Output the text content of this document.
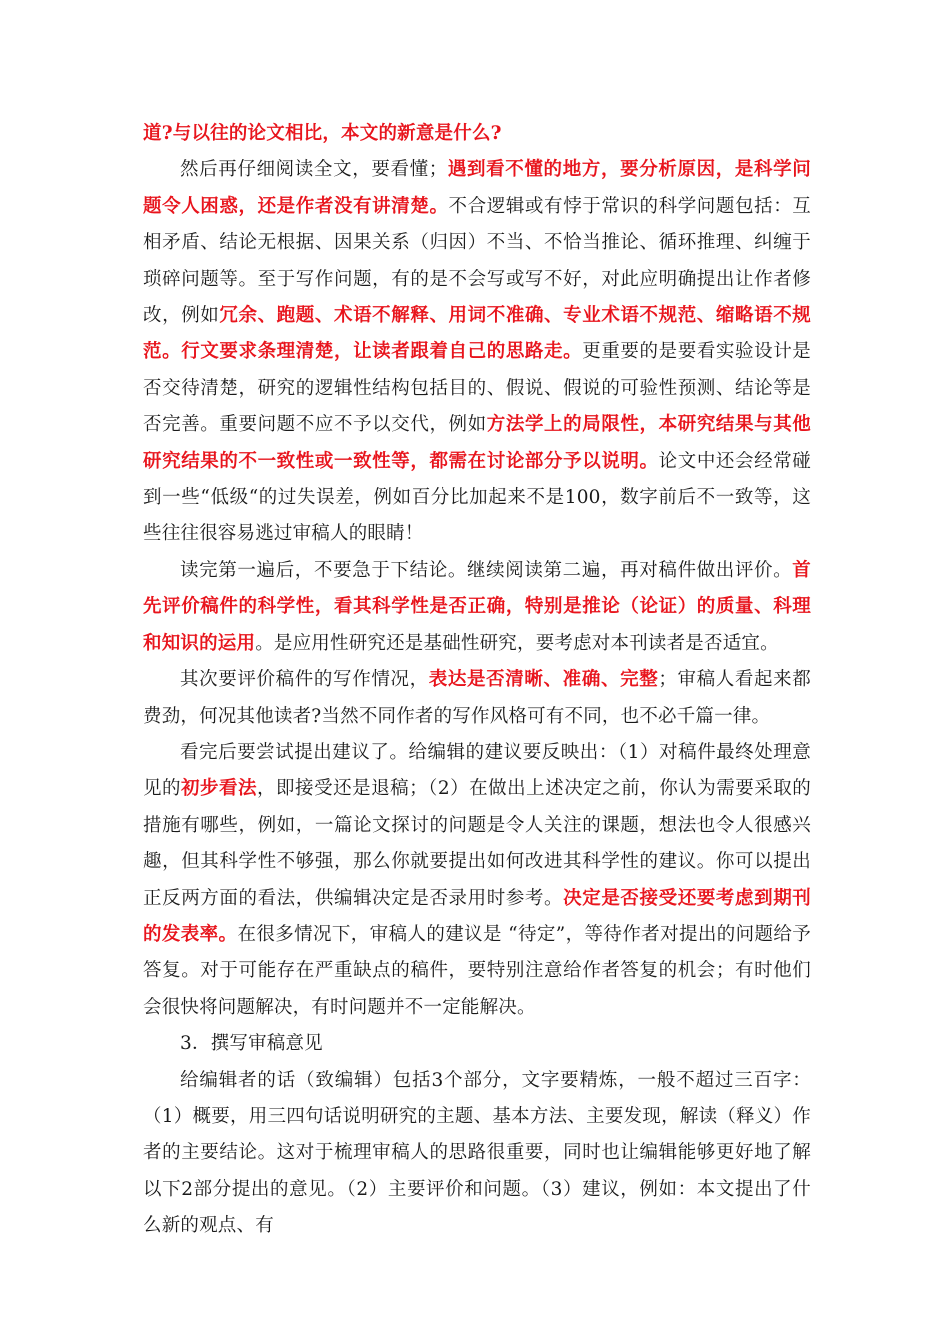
道?与以往的论文相比，本文的新意是什么?

然后再仔细阅读全文，要看懂；遇到看不懂的地方，要分析原因，是科学问题令人困惑，还是作者没有讲清楚。不合逻辑或有悖于常识的科学问题包括：互相矛盾、结论无根据、因果关系（归因）不当、不恰当推论、循环推理、纠缠于琐碎问题等。至于写作问题，有的是不会写或写不好，对此应明确提出让作者修改，例如冗余、跑题、术语不解释、用词不准确、专业术语不规范、缩略语不规范。行文要求条理清楚，让读者跟着自己的思路走。更重要的是要看实验设计是否交待清楚，研究的逻辑性结构包括目的、假说、假说的可验性预测、结论等是否完善。重要问题不应不予以交代，例如方法学上的局限性，本研究结果与其他研究结果的不一致性或一致性等，都需在讨论部分予以说明。论文中还会经常碰到一些“低级“的过失误差，例如百分比加起来不是100，数字前后不一致等，这些往往很容易逃过审稿人的眼睛！

读完第一遍后，不要急于下结论。继续阅读第二遍，再对稿件做出评价。首先评价稿件的科学性，看其科学性是否正确，特别是推论（论证）的质量、科理和知识的运用。是应用性研究还是基础性研究，要考虑对本刊读者是否适宜。

其次要评价稿件的写作情况，表达是否清晰、准确、完整；审稿人看起来都费劲，何况其他读者?当然不同作者的写作风格可有不同，也不必千篇一律。

看完后要尝试提出建议了。给编辑的建议要反映出：（1）对稿件最终处理意见的初步看法，即接受还是退稿；（2）在做出上述决定之前，你认为需要采取的措施有哪些，例如，一篇论文探讨的问题是令人关注的课题，想法也令人很感兴趣，但其科学性不够强，那么你就要提出如何改进其科学性的建议。你可以提出正反两方面的看法，供编辑决定是否录用时参考。决定是否接受还要考虑到期刊的发表率。在很多情况下，审稿人的建议是 “待定”，等待作者对提出的问题给予答复。对于可能存在严重缺点的稿件，要特别注意给作者答复的机会；有时他们会很快将问题解决，有时问题并不一定能解决。

3．撰写审稿意见

给编辑者的话（致编辑）包括3个部分，文字要精炼，一般不超过三百字：（1）概要，用三四句话说明研究的主题、基本方法、主要发现，解读（释义）作者的主要结论。这对于梳理审稿人的思路很重要，同时也让编辑能够更好地了解以下2部分提出的意见。（2）主要评价和问题。（3）建议，例如：本文提出了什么新的观点、有
